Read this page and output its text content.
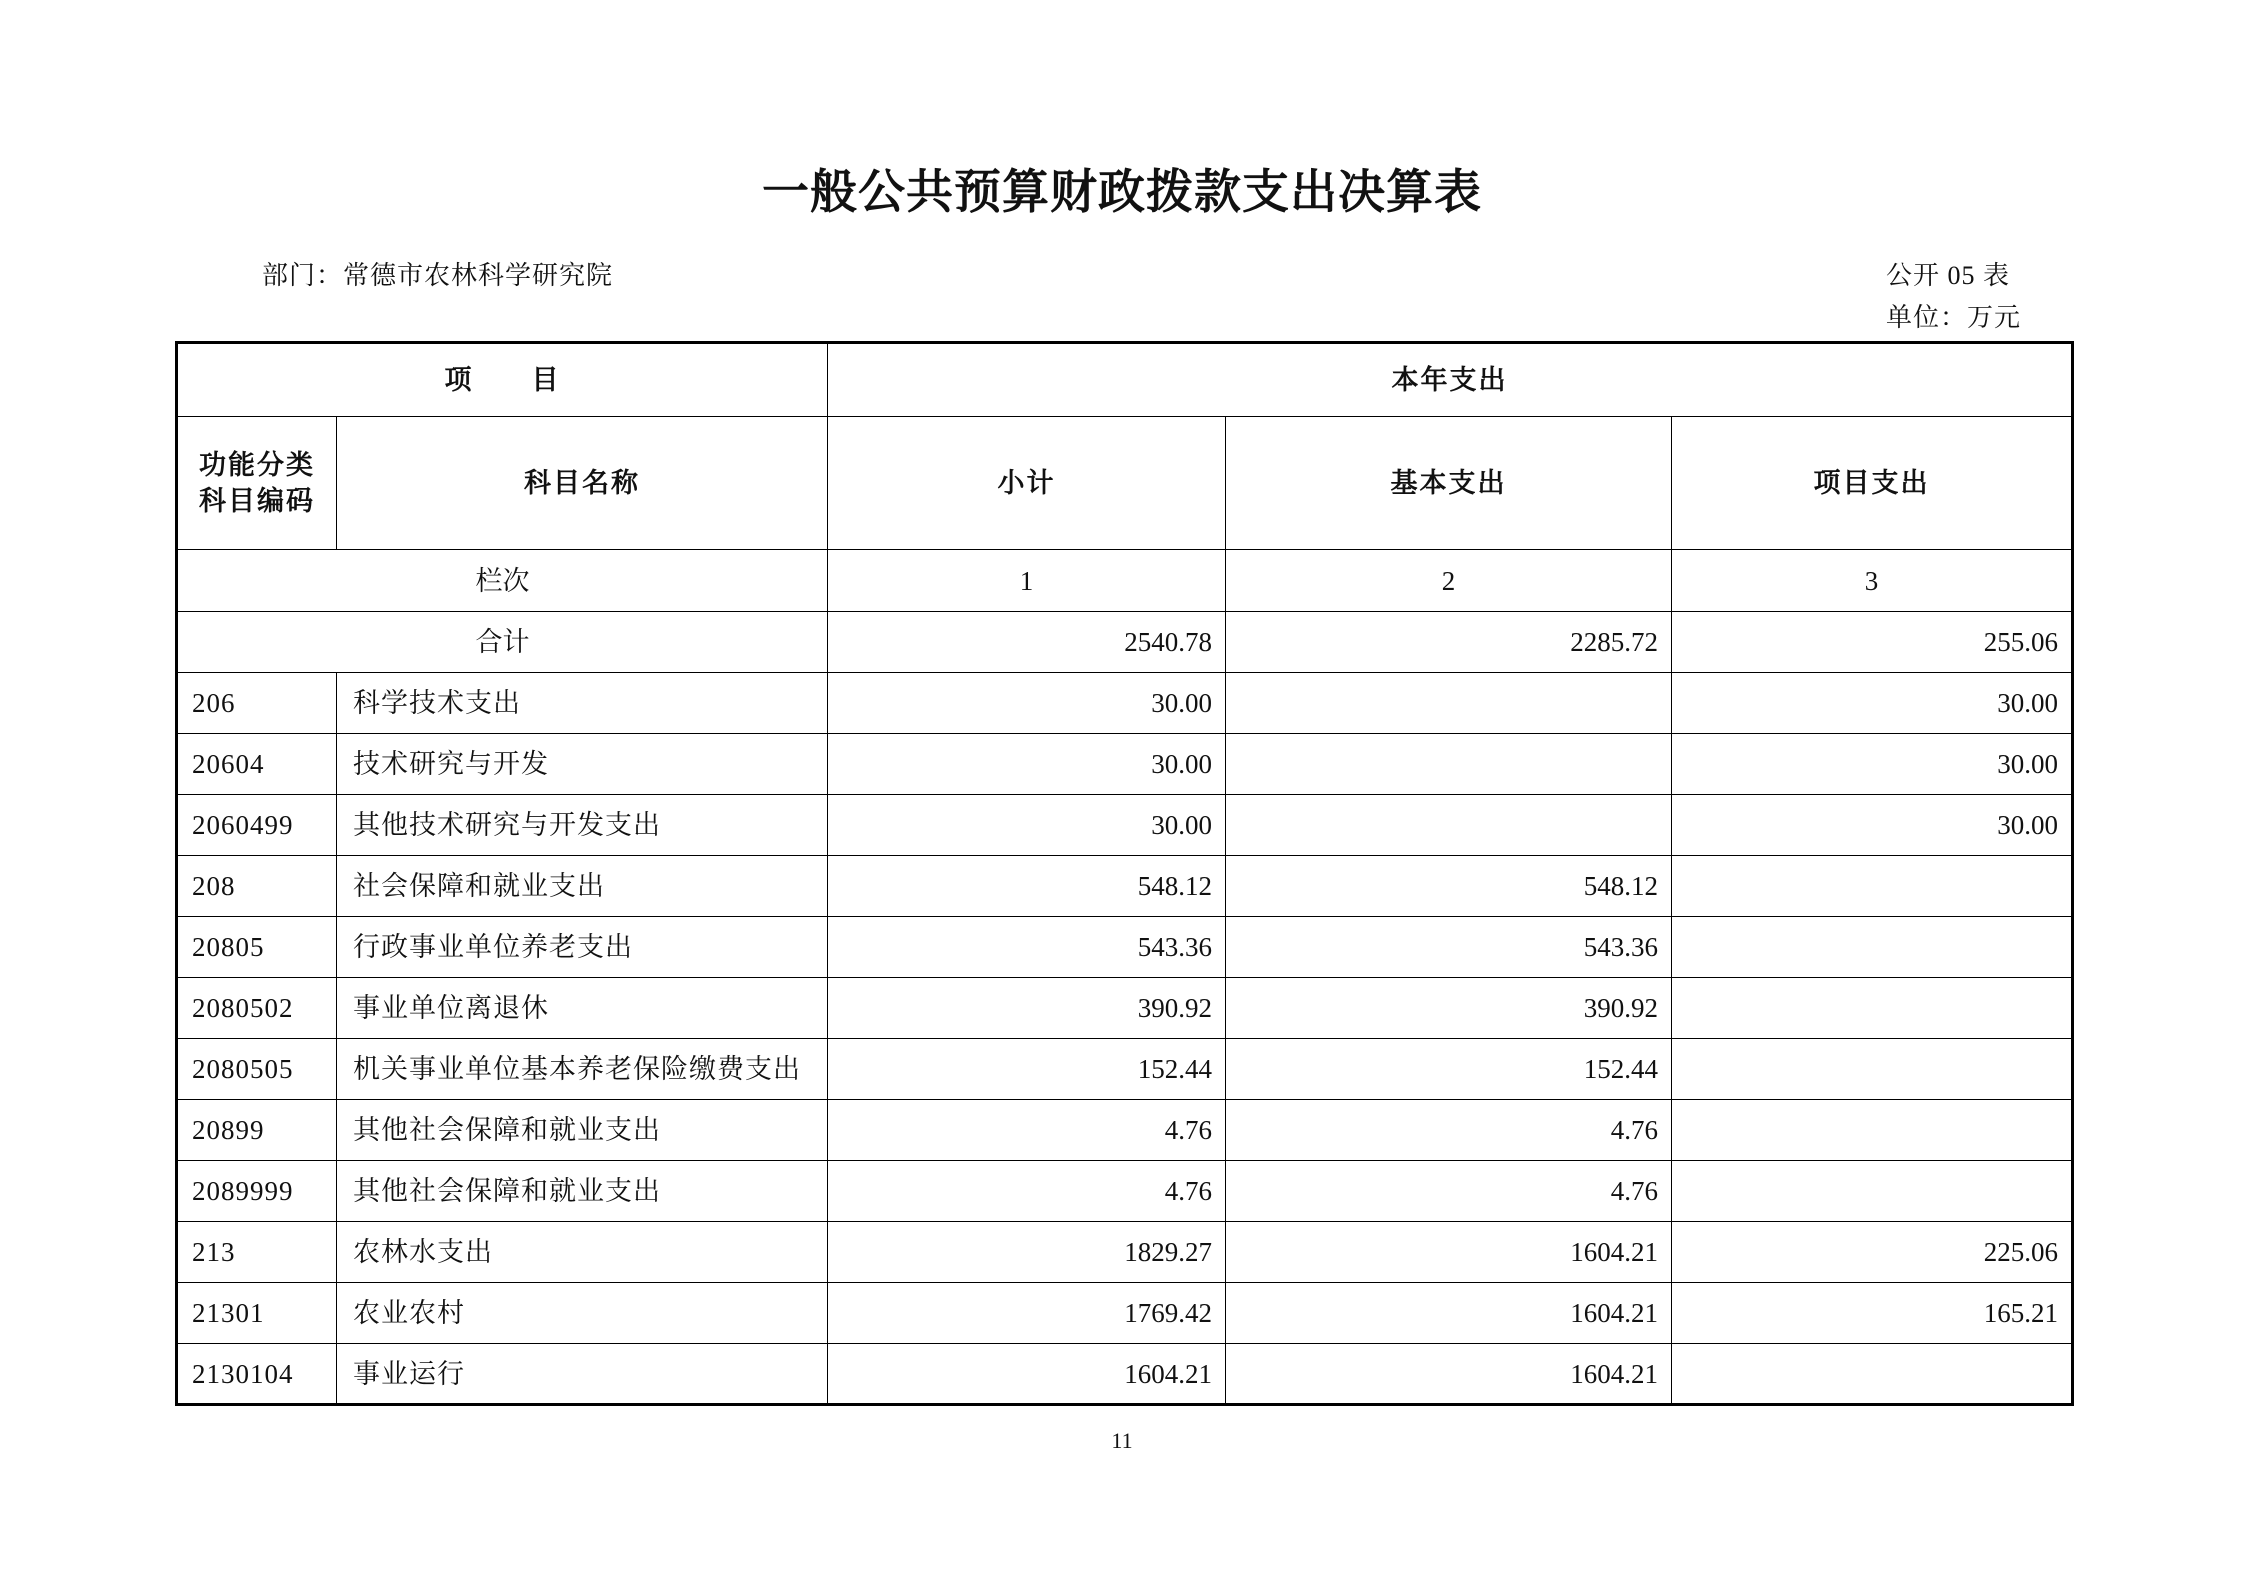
一般公共预算财政拨款支出决算表
部门：常德市农林科学研究院	公开 05 表
单位：万元
项　　目		本年支出		

功能分类
科目编码	科目名称	小计	基本支出	项目支出
栏次		1	2	3
合计		2540.78	2285.72	255.06
206	科学技术支出	30.00		30.00
20604	技术研究与开发	30.00		30.00
2060499	其他技术研究与开发支出	30.00		30.00
208	社会保障和就业支出	548.12	548.12	
20805	行政事业单位养老支出	543.36	543.36	
2080502	事业单位离退休	390.92	390.92	
2080505	机关事业单位基本养老保险缴费支出	152.44	152.44	
20899	其他社会保障和就业支出	4.76	4.76	
2089999	其他社会保障和就业支出	4.76	4.76	
213	农林水支出	1829.27	1604.21	225.06
21301	农业农村	1769.42	1604.21	165.21
2130104	事业运行	1604.21	1604.21	
11
